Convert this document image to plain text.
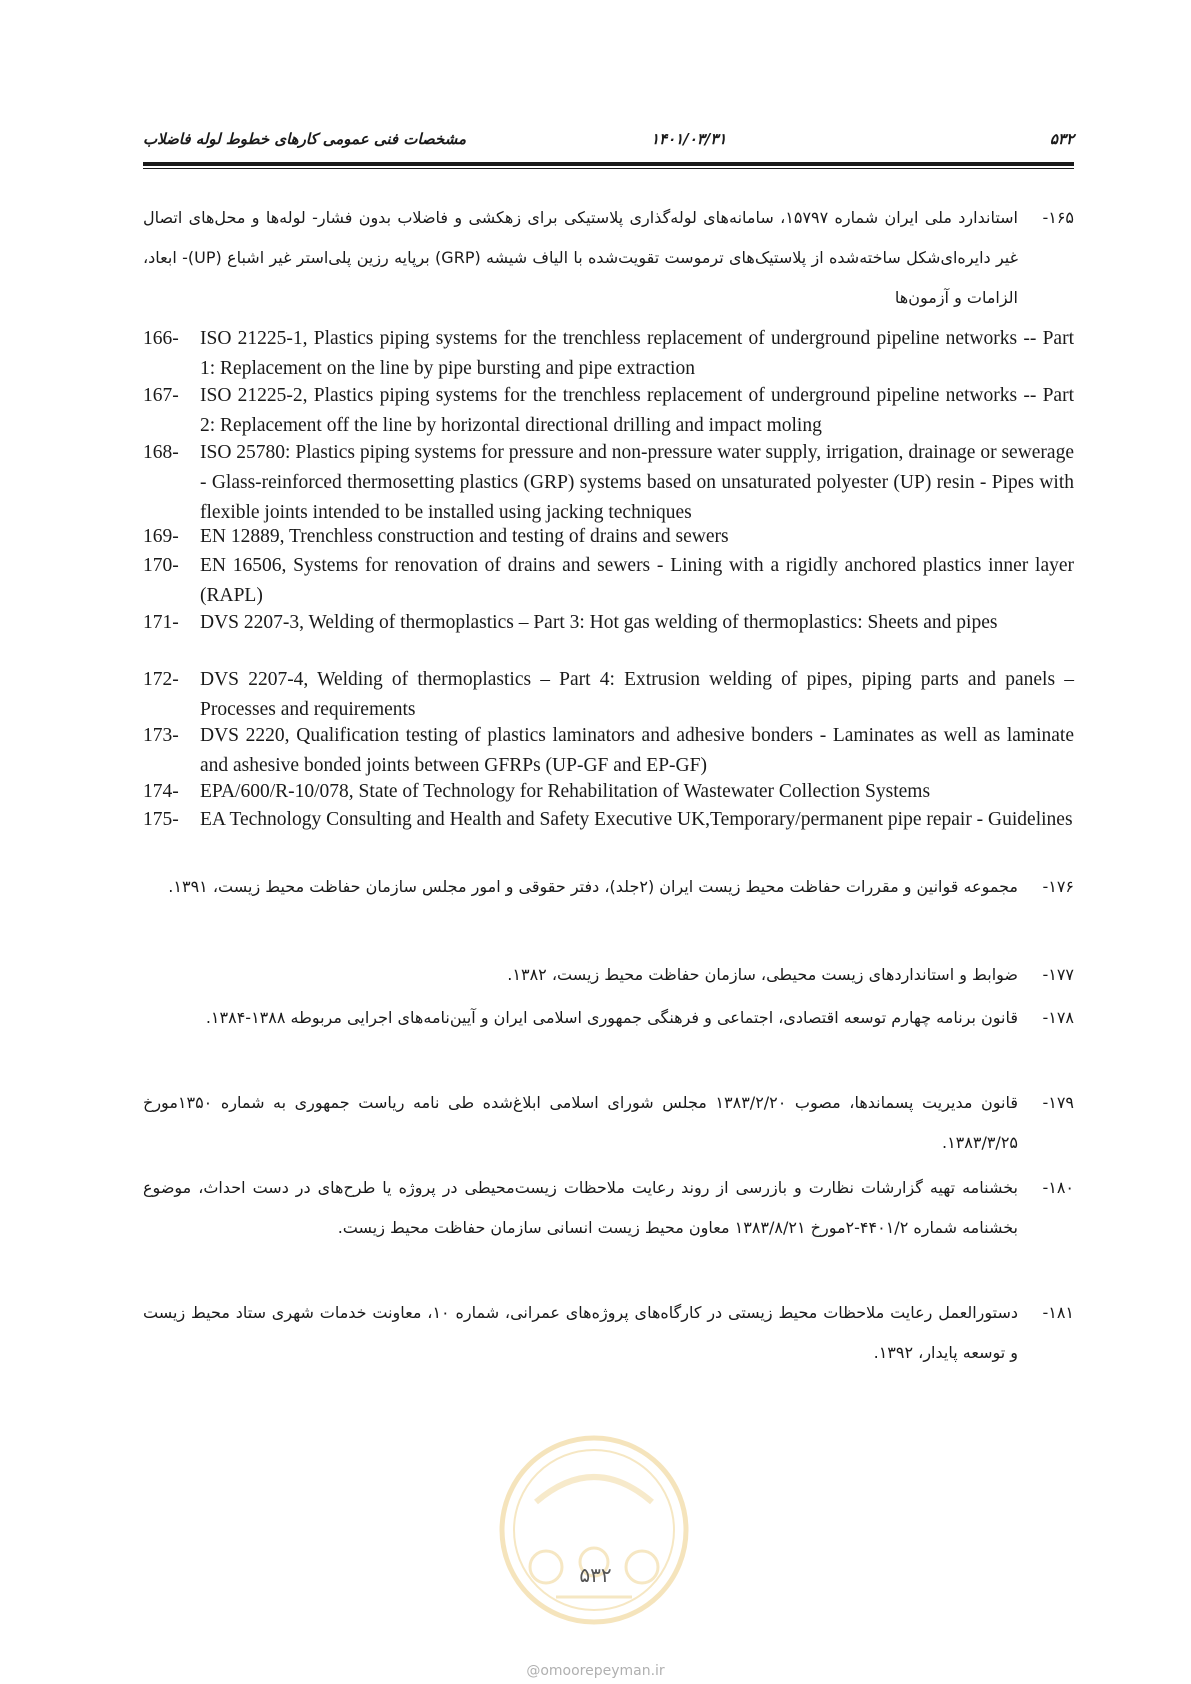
۵۳۲
۱۴۰۱/۰۳/۳۱
مشخصات فنی عمومی کارهای خطوط لوله فاضلاب
۱۶۵-
استاندارد ملی ایران شماره ۱۵۷۹۷، سامانه‌های لوله‌گذاری پلاستیکی برای زهکشی و فاضلاب بدون فشار- لوله‌ها و محل‌های اتصال غیر دایره‌ای‌شکل ساخته‌شده از پلاستیک‌های ترموست تقویت‌شده با الیاف شیشه (GRP) برپایه رزین پلی‌استر غیر اشباع (UP)- ابعاد، الزامات و آزمون‌ها
166- ISO 21225-1, Plastics piping systems for the trenchless replacement of underground pipeline networks -- Part 1: Replacement on the line by pipe bursting and pipe extraction
167- ISO 21225-2, Plastics piping systems for the trenchless replacement of underground pipeline networks -- Part 2: Replacement off the line by horizontal directional drilling and impact moling
168- ISO 25780: Plastics piping systems for pressure and non-pressure water supply, irrigation, drainage or sewerage - Glass-reinforced thermosetting plastics (GRP) systems based on unsaturated polyester (UP) resin - Pipes with flexible joints intended to be installed using jacking techniques
169- EN 12889, Trenchless construction and testing of drains and sewers
170- EN 16506, Systems for renovation of drains and sewers - Lining with a rigidly anchored plastics inner layer (RAPL)
171- DVS 2207-3, Welding of thermoplastics – Part 3: Hot gas welding of thermoplastics: Sheets and pipes
172- DVS 2207-4, Welding of thermoplastics – Part 4: Extrusion welding of pipes, piping parts and panels – Processes and requirements
173- DVS 2220, Qualification testing of plastics laminators and adhesive bonders - Laminates as well as laminate and ashesive bonded joints between GFRPs (UP-GF and EP-GF)
174- EPA/600/R-10/078, State of Technology for Rehabilitation of Wastewater Collection Systems
175- EA Technology Consulting and Health and Safety Executive UK,Temporary/permanent pipe repair - Guidelines
۱۷۶-
مجموعه قوانین و مقررات حفاظت محیط زیست ایران (۲جلد)، دفتر حقوقی و امور مجلس سازمان حفاظت محیط زیست، ۱۳۹۱.
۱۷۷-
ضوابط و استانداردهای زیست محیطی، سازمان حفاظت محیط زیست، ۱۳۸۲.
۱۷۸-
قانون برنامه چهارم توسعه اقتصادی، اجتماعی و فرهنگی جمهوری اسلامی ایران و آیین‌نامه‌های اجرایی مربوطه ۱۳۸۸-۱۳۸۴.
۱۷۹-
قانون مدیریت پسماندها، مصوب ۱۳۸۳/۲/۲۰ مجلس شورای اسلامی ابلاغ‌شده طی نامه ریاست جمهوری به شماره ۱۳۵۰مورخ ۱۳۸۳/۳/۲۵.
۱۸۰-
بخشنامه تهیه گزارشات نظارت و بازرسی از روند رعایت ملاحظات زیست‌محیطی در پروژه یا طرح‌های در دست احداث، موضوع بخشنامه شماره ۴۴۰۱/۲-۲مورخ ۱۳۸۳/۸/۲۱ معاون محیط زیست انسانی سازمان حفاظت محیط زیست.
۱۸۱-
دستورالعمل رعایت ملاحظات محیط زیستی در کارگاه‌های پروژه‌های عمرانی، شماره ۱۰، معاونت خدمات شهری ستاد محیط زیست و توسعه پایدار، ۱۳۹۲.
۵۳۲
@omoorepeyman.ir
